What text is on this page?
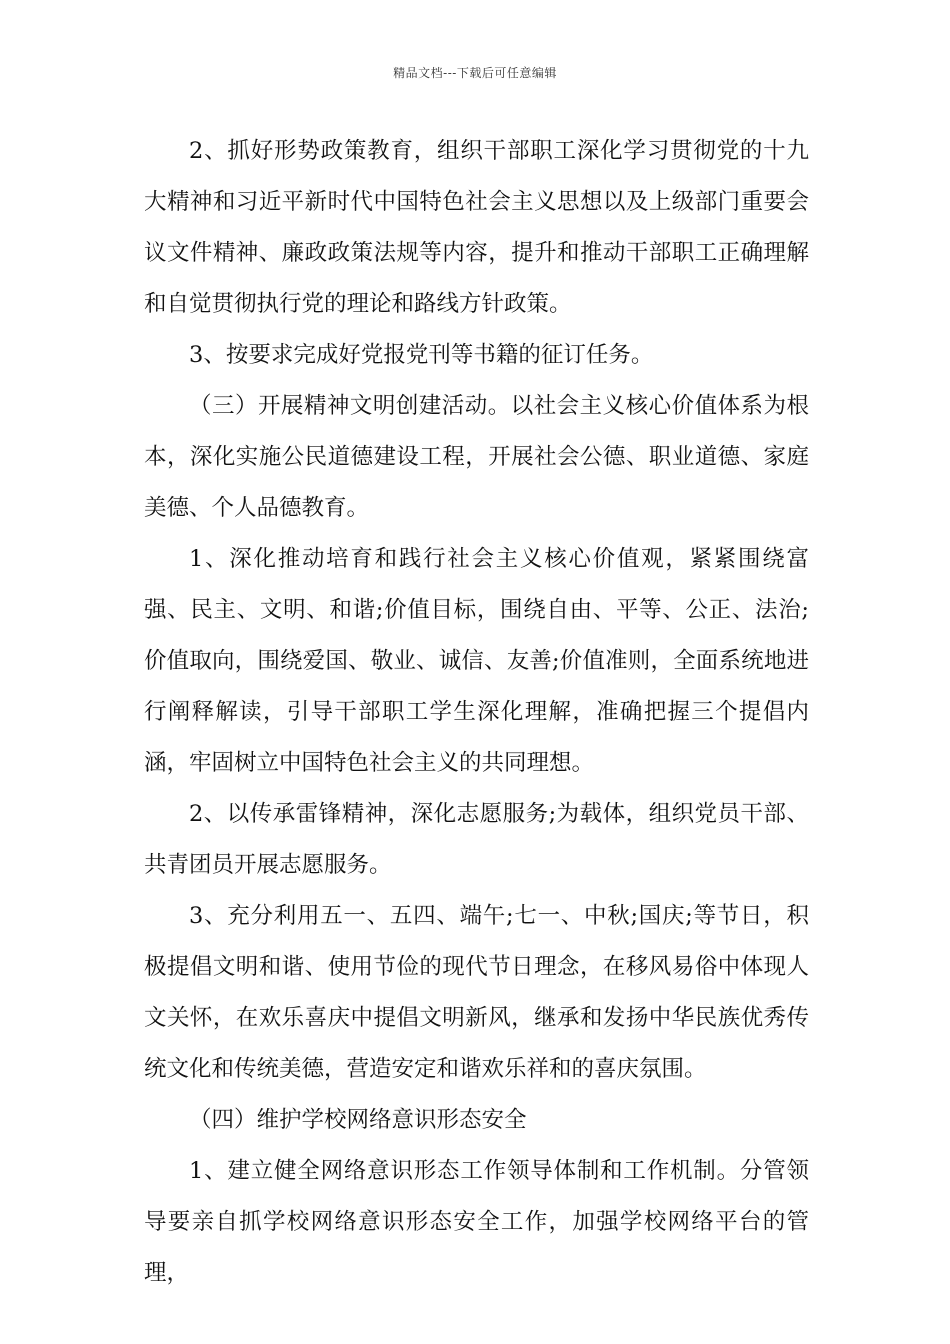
精品文档---下载后可任意编辑

2、抓好形势政策教育，组织干部职工深化学习贯彻党的十九大精神和习近平新时代中国特色社会主义思想以及上级部门重要会议文件精神、廉政政策法规等内容，提升和推动干部职工正确理解和自觉贯彻执行党的理论和路线方针政策。

3、按要求完成好党报党刊等书籍的征订任务。

（三）开展精神文明创建活动。以社会主义核心价值体系为根本，深化实施公民道德建设工程，开展社会公德、职业道德、家庭美德、个人品德教育。

1、深化推动培育和践行社会主义核心价值观，紧紧围绕富强、民主、文明、和谐;价值目标，围绕自由、平等、公正、法治;价值取向，围绕爱国、敬业、诚信、友善;价值准则，全面系统地进行阐释解读，引导干部职工学生深化理解，准确把握三个提倡内涵，牢固树立中国特色社会主义的共同理想。

2、以传承雷锋精神，深化志愿服务;为载体，组织党员干部、共青团员开展志愿服务。

3、充分利用五一、五四、端午;七一、中秋;国庆;等节日，积极提倡文明和谐、使用节俭的现代节日理念，在移风易俗中体现人文关怀，在欢乐喜庆中提倡文明新风，继承和发扬中华民族优秀传统文化和传统美德，营造安定和谐欢乐祥和的喜庆氛围。

（四）维护学校网络意识形态安全

1、建立健全网络意识形态工作领导体制和工作机制。分管领导要亲自抓学校网络意识形态安全工作，加强学校网络平台的管理，
